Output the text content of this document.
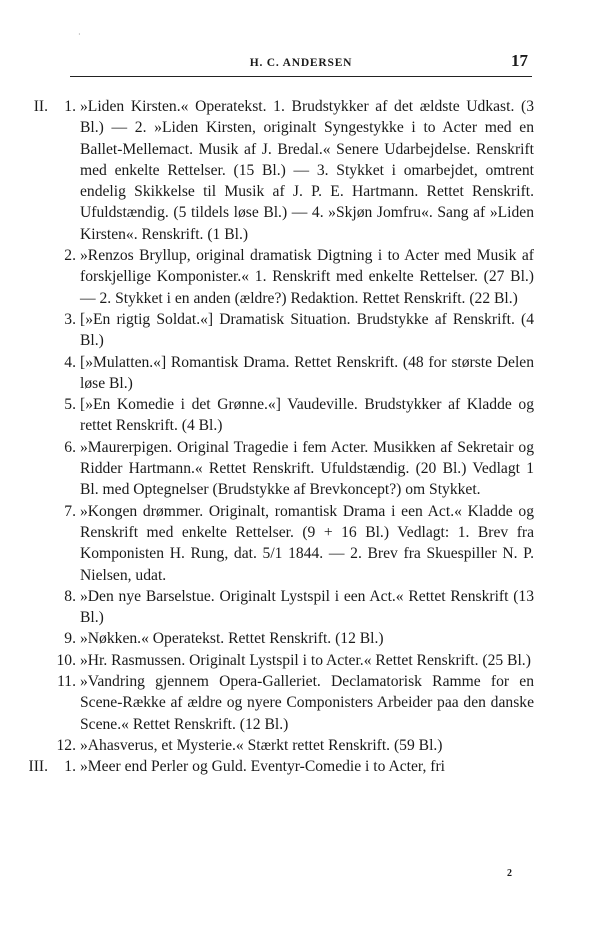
·
H. C. ANDERSEN	17
II.	1. »Liden Kirsten.« Operatekst. 1. Brudstykker af det ældste Udkast. (3 Bl.) — 2. »Liden Kirsten, originalt Syngestykke i to Acter med en Ballet-Mellemact. Musik af J. Bredal.« Senere Udarbejdelse. Renskrift med enkelte Rettelser. (15 Bl.) — 3. Stykket i omarbejdet, omtrent endelig Skikkelse til Musik af J. P. E. Hartmann. Rettet Renskrift. Ufuldstændig. (5 tildels løse Bl.) — 4. »Skjøn Jomfru«. Sang af »Liden Kirsten«. Renskrift. (1 Bl.)
2. »Renzos Bryllup, original dramatisk Digtning i to Acter med Musik af forskjellige Komponister.« 1. Renskrift med enkelte Rettelser. (27 Bl.) — 2. Stykket i en anden (ældre?) Redaktion. Rettet Renskrift. (22 Bl.)
3. [»En rigtig Soldat.«] Dramatisk Situation. Brudstykke af Renskrift. (4 Bl.)
4. [»Mulatten.«] Romantisk Drama. Rettet Renskrift. (48 for største Delen løse Bl.)
5. [»En Komedie i det Grønne.«] Vaudeville. Brudstykker af Kladde og rettet Renskrift. (4 Bl.)
6. »Maurerpigen. Original Tragedie i fem Acter. Musikken af Sekretair og Ridder Hartmann.« Rettet Renskrift. Ufuldstændig. (20 Bl.) Vedlagt 1 Bl. med Optegnelser (Brudstykke af Brevkoncept?) om Stykket.
7. »Kongen drømmer. Originalt, romantisk Drama i een Act.« Kladde og Renskrift med enkelte Rettelser. (9 + 16 Bl.) Vedlagt: 1. Brev fra Komponisten H. Rung, dat. 5/1 1844. — 2. Brev fra Skuespiller N. P. Nielsen, udat.
8. »Den nye Barselstue. Originalt Lystspil i een Act.« Rettet Renskrift (13 Bl.)
9. »Nøkken.« Operatekst. Rettet Renskrift. (12 Bl.)
10. »Hr. Rasmussen. Originalt Lystspil i to Acter.« Rettet Renskrift. (25 Bl.)
11. »Vandring gjennem Opera-Galleriet. Declamatorisk Ramme for en Scene-Række af ældre og nyere Componisters Arbeider paa den danske Scene.« Rettet Renskrift. (12 Bl.)
12. »Ahasverus, et Mysterie.« Stærkt rettet Renskrift. (59 Bl.)
III.	1. »Meer end Perler og Guld. Eventyr-Comedie i to Acter, fri
2
